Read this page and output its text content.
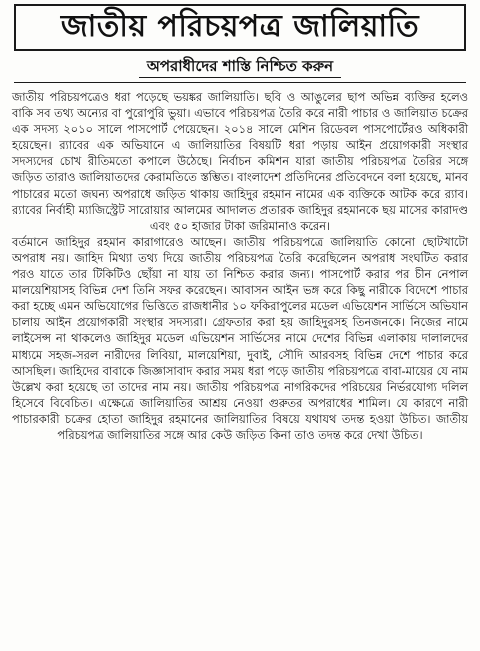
জাতীয় পরিচয়পত্র জালিয়াতি
অপরাধীদের শাস্তি নিশ্চিত করুন

জাতীয় পরিচয়পত্রেও ধরা পড়েছে ভয়ঙ্কর জালিয়াতি। ছবি ও আঙুলের ছাপ অভিন্ন ব্যক্তির হলেও বাকি সব তথ্য অন্যের বা পুরোপুরি ভুয়া। এভাবে পরিচয়পত্র তৈরি করে নারী পাচার ও জালিয়াত চক্রের এক সদস্য ২০১০ সালে পাসপোর্ট পেয়েছেন। ২০১৪ সালে মেশিন রিডেবল পাসপোর্টেরও অধিকারী হয়েছেন। র‍্যাবের এক অভিযানে এ জালিয়াতির বিষয়টি ধরা পড়ায় আইন প্রয়োগকারী সংস্থার সদস্যদের চোখ রীতিমতো কপালে উঠেছে। নির্বাচন কমিশন যারা জাতীয় পরিচয়পত্র তৈরির সঙ্গে জড়িত তারাও জালিয়াতদের কেরামতিতে স্তম্ভিত। বাংলাদেশ প্রতিদিনের প্রতিবেদনে বলা হয়েছে, মানব পাচারের মতো জঘন্য অপরাধে জড়িত থাকায় জাহিদুর রহমান নামের এক ব্যক্তিকে আটক করে র‍্যাব। র‍্যাবের নির্বাহী ম্যাজিস্ট্রেট সারোয়ার আলমের আদালত প্রতারক জাহিদুর রহমানকে ছয় মাসের কারাদণ্ড এবং ৫০ হাজার টাকা জরিমানাও করেন।

বর্তমানে জাহিদুর রহমান কারাগারেও আছেন। জাতীয় পরিচয়পত্রে জালিয়াতি কোনো ছোটখাটো অপরাধ নয়। জাহিদ মিথ্যা তথ্য দিয়ে জাতীয় পরিচয়পত্র তৈরি করেছিলেন অপরাধ সংঘটিত করার পরও যাতে তার টিকিটিও ছোঁয়া না যায় তা নিশ্চিত করার জন্য। পাসপোর্ট করার পর চীন নেপাল মালয়েশিয়াসহ বিভিন্ন দেশ তিনি সফর করেছেন। আবাসন আইন ভঙ্গ করে কিছু নারীকে বিদেশে পাচার করা হচ্ছে এমন অভিযোগের ভিত্তিতে রাজধানীর ১০ ফকিরাপুলের মডেল এভিয়েশন সার্ভিসে অভিযান চালায় আইন প্রয়োগকারী সংস্থার সদস্যরা। গ্রেফতার করা হয় জাহিদুরসহ তিনজনকে। নিজের নামে লাইসেন্স না থাকলেও জাহিদুর মডেল এভিয়েশন সার্ভিসের নামে দেশের বিভিন্ন এলাকায় দালালদের মাধ্যমে সহজ-সরল নারীদের লিবিয়া, মালয়েশিয়া, দুবাই, সৌদি আরবসহ বিভিন্ন দেশে পাচার করে আসছিল। জাহিদের বাবাকে জিজ্ঞাসাবাদ করার সময় ধরা পড়ে জাতীয় পরিচয়পত্রে বাবা-মায়ের যে নাম উল্লেখ করা হয়েছে তা তাদের নাম নয়। জাতীয় পরিচয়পত্র নাগরিকদের পরিচয়ের নির্ভরযোগ্য দলিল হিসেবে বিবেচিত। এক্ষেত্রে জালিয়াতির আশ্রয় নেওয়া গুরুতর অপরাধের শামিল। যে কারণে নারী পাচারকারী চক্রের হোতা জাহিদুর রহমানের জালিয়াতির বিষয়ে যথাযথ তদন্ত হওয়া উচিত। জাতীয় পরিচয়পত্র জালিয়াতির সঙ্গে আর কেউ জড়িত কিনা তাও তদন্ত করে দেখা উচিত।
